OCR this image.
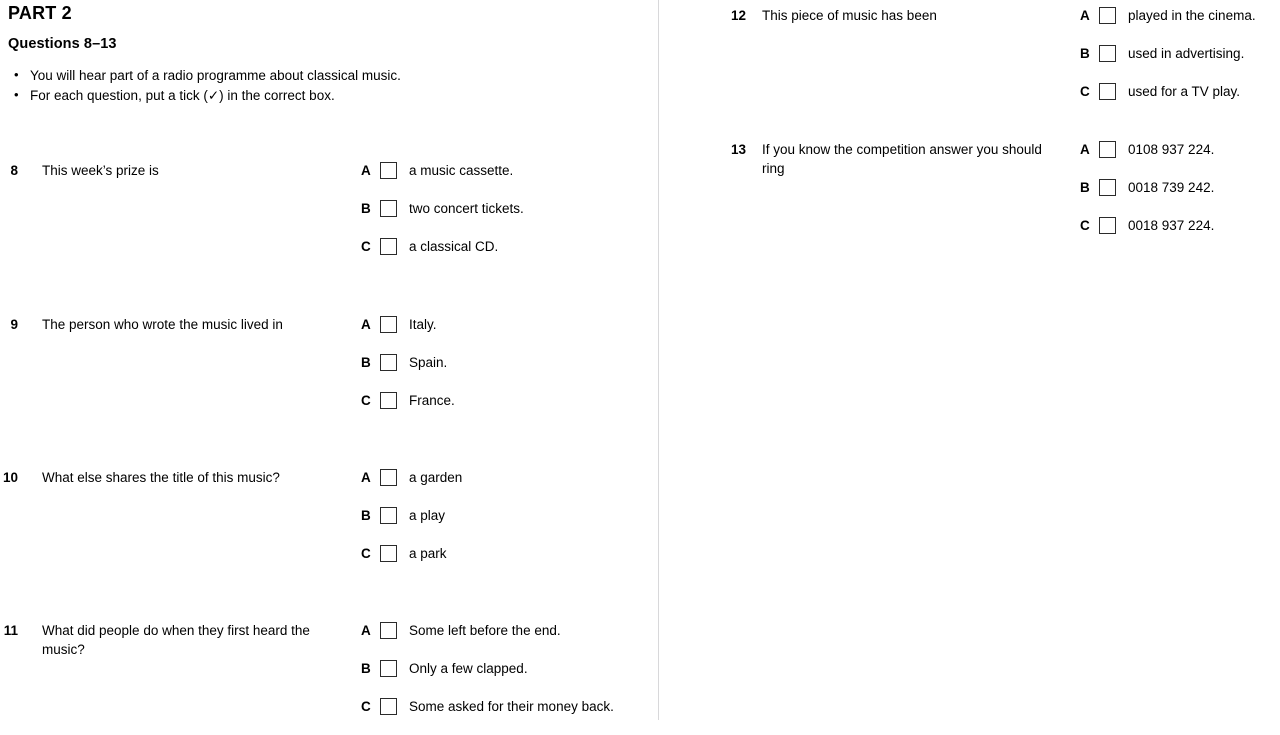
PART 2
Questions 8–13
• You will hear part of a radio programme about classical music.
• For each question, put a tick (✓) in the correct box.
8 This week’s prize is	A	a music cassette.
B	two concert tickets.
C	a classical CD.
9 The person who wrote the music lived in	A	Italy.
B	Spain.
C	France.
10 What else shares the title of this music?	A	a garden
B	a play
C	a park
11 What did people do when they first heard the music?
A	Some left before the end.
B	Only a few clapped.
C	Some asked for their money back.
12 This piece of music has been	A	played in the cinema.
B	used in advertising.
C	used for a TV play.
13 If you know the competition answer you should ring
A	0108 937 224.
B	0018 739 242.
C	0018 937 224.
